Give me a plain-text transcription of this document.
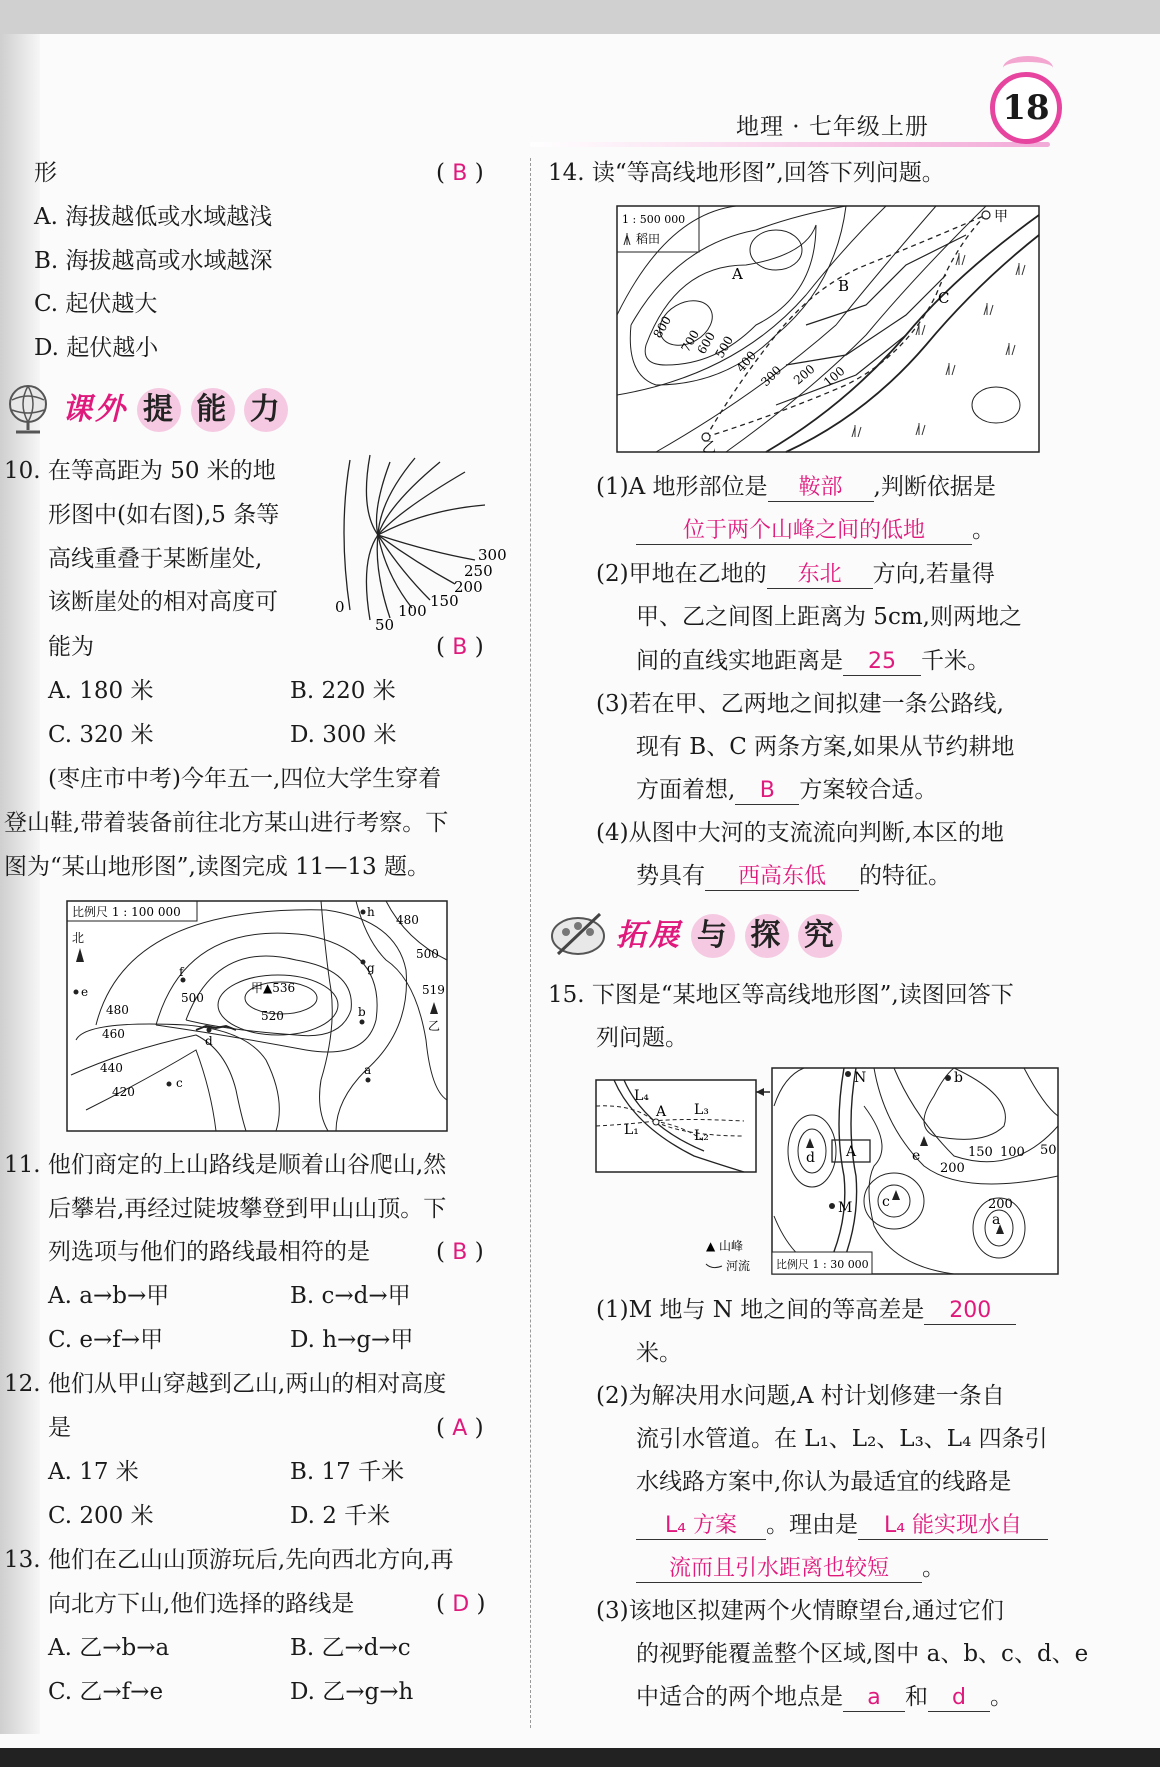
地理 · 七年级上册	18
形	( B )
A. 海拔越低或水域越浅
B. 海拔越高或水域越深
C. 起伏越大
D. 起伏越小
课外 提 能 力
10. 在等高距为 50 米的地
形图中(如右图),5 条等
高线重叠于某断崖处,
该断崖处的相对高度可
能为	( B )
0
50
100
150
200
250
300
A. 180 米	B. 220 米
C. 320 米	D. 300 米
(枣庄市中考)今年五一,四位大学生穿着
登山鞋,带着装备前往北方某山进行考察。下
图为“某山地形图”,读图完成 11—13 题。
比例尺 1 : 100 000
北
甲▲536
520
500
480
500
519
乙
480
460
440
420
h
g
f
e
d
c
b
a
11. 他们商定的上山路线是顺着山谷爬山,然
后攀岩,再经过陡坡攀登到甲山山顶。下
列选项与他们的路线最相符的是	( B )
A. a→b→甲	B. c→d→甲
C. e→f→甲	D. h→g→甲
12. 他们从甲山穿越到乙山,两山的相对高度
是	( A )
A. 17 米	B. 17 千米
C. 200 米	D. 2 千米
13. 他们在乙山山顶游玩后,先向西北方向,再
向北方下山,他们选择的路线是	( D )
A. 乙→b→a	B. 乙→d→c
C. 乙→f→e	D. 乙→g→h
14. 读“等高线地形图”,回答下列问题。
1 : 500 000
稻田
甲
乙
A
B
C
800
700
600
500
400
300 200 100
(1)A 地形部位是 鞍部 ,判断依据是
位于两个山峰之间的低地 。
(2)甲地在乙地的 东北 方向,若量得
甲、乙之间图上距离为 5cm,则两地之
间的直线实地距离是 25 千米。
(3)若在甲、乙两地之间拟建一条公路线,
现有 B、C 两条方案,如果从节约耕地
方面着想, B 方案较合适。
(4)从图中大河的支流流向判断,本区的地
势具有 西高东低 的特征。
拓展 与 探 究
15. 下图是“某地区等高线地形图”,读图回答下
列问题。
L₄
L₃
L₁
A
L₂
A
N
M
b
d	e
c
a
150 100 50
200
200
比例尺 1 : 30 000
▲ 山峰
河流
(1)M 地与 N 地之间的等高差是 200
米。
(2)为解决用水问题,A 村计划修建一条自
流引水管道。在 L₁、L₂、L₃、L₄ 四条引
水线路方案中,你认为最适宜的线路是
L₄ 方案 。理由是 L₄ 能实现水自
流而且引水距离也较短 。
(3)该地区拟建两个火情瞭望台,通过它们
的视野能覆盖整个区域,图中 a、b、c、d、e
中适合的两个地点是 a 和 d 。
